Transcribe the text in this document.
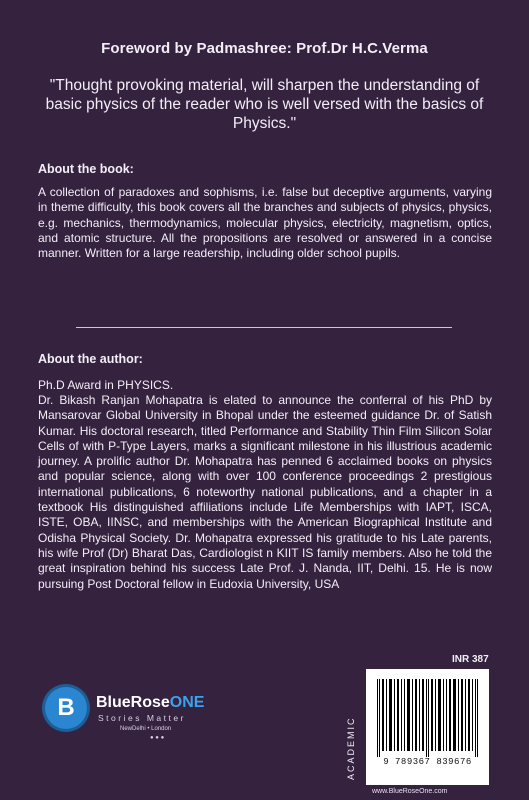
Foreword by Padmashree: Prof.Dr H.C.Verma
"Thought provoking material, will sharpen the understanding of basic physics of the reader who is well versed with the basics of Physics."
About the book:
A collection of paradoxes and sophisms, i.e. false but deceptive arguments, varying in theme difficulty, this book covers all the branches and subjects of physics, physics, e.g. mechanics, thermodynamics, molecular physics, electricity, magnetism, optics, and atomic structure. All the propositions are resolved or answered in a concise manner. Written for a large readership, including older school pupils.
About the author:
Ph.D Award in PHYSICS.
Dr. Bikash Ranjan Mohapatra is elated to announce the conferral of his PhD by Mansarovar Global University in Bhopal under the esteemed guidance Dr. of Satish Kumar. His doctoral research, titled Performance and Stability Thin Film Silicon Solar Cells of with P-Type Layers, marks a significant milestone in his illustrious academic journey. A prolific author Dr. Mohapatra has penned 6 acclaimed books on physics and popular science, along with over 100 conference proceedings 2 prestigious international publications, 6 noteworthy national publications, and a chapter in a textbook His distinguished affiliations include Life Memberships with IAPT, ISCA, ISTE, OBA, IINSC, and memberships with the American Biographical Institute and Odisha Physical Society. Dr. Mohapatra expressed his gratitude to his Late parents, his wife Prof (Dr) Bharat Das, Cardiologist n KIIT IS family members. Also he told the great inspiration behind his success Late Prof. J. Nanda, IIT, Delhi. 15. He is now pursuing Post Doctoral fellow in Eudoxia University, USA
B	BlueRoseONE
Stories Matter
NewDelhi • London
● ● ●
INR 387
ACADEMIC	9 789367 839676
www.BlueRoseOne.com
